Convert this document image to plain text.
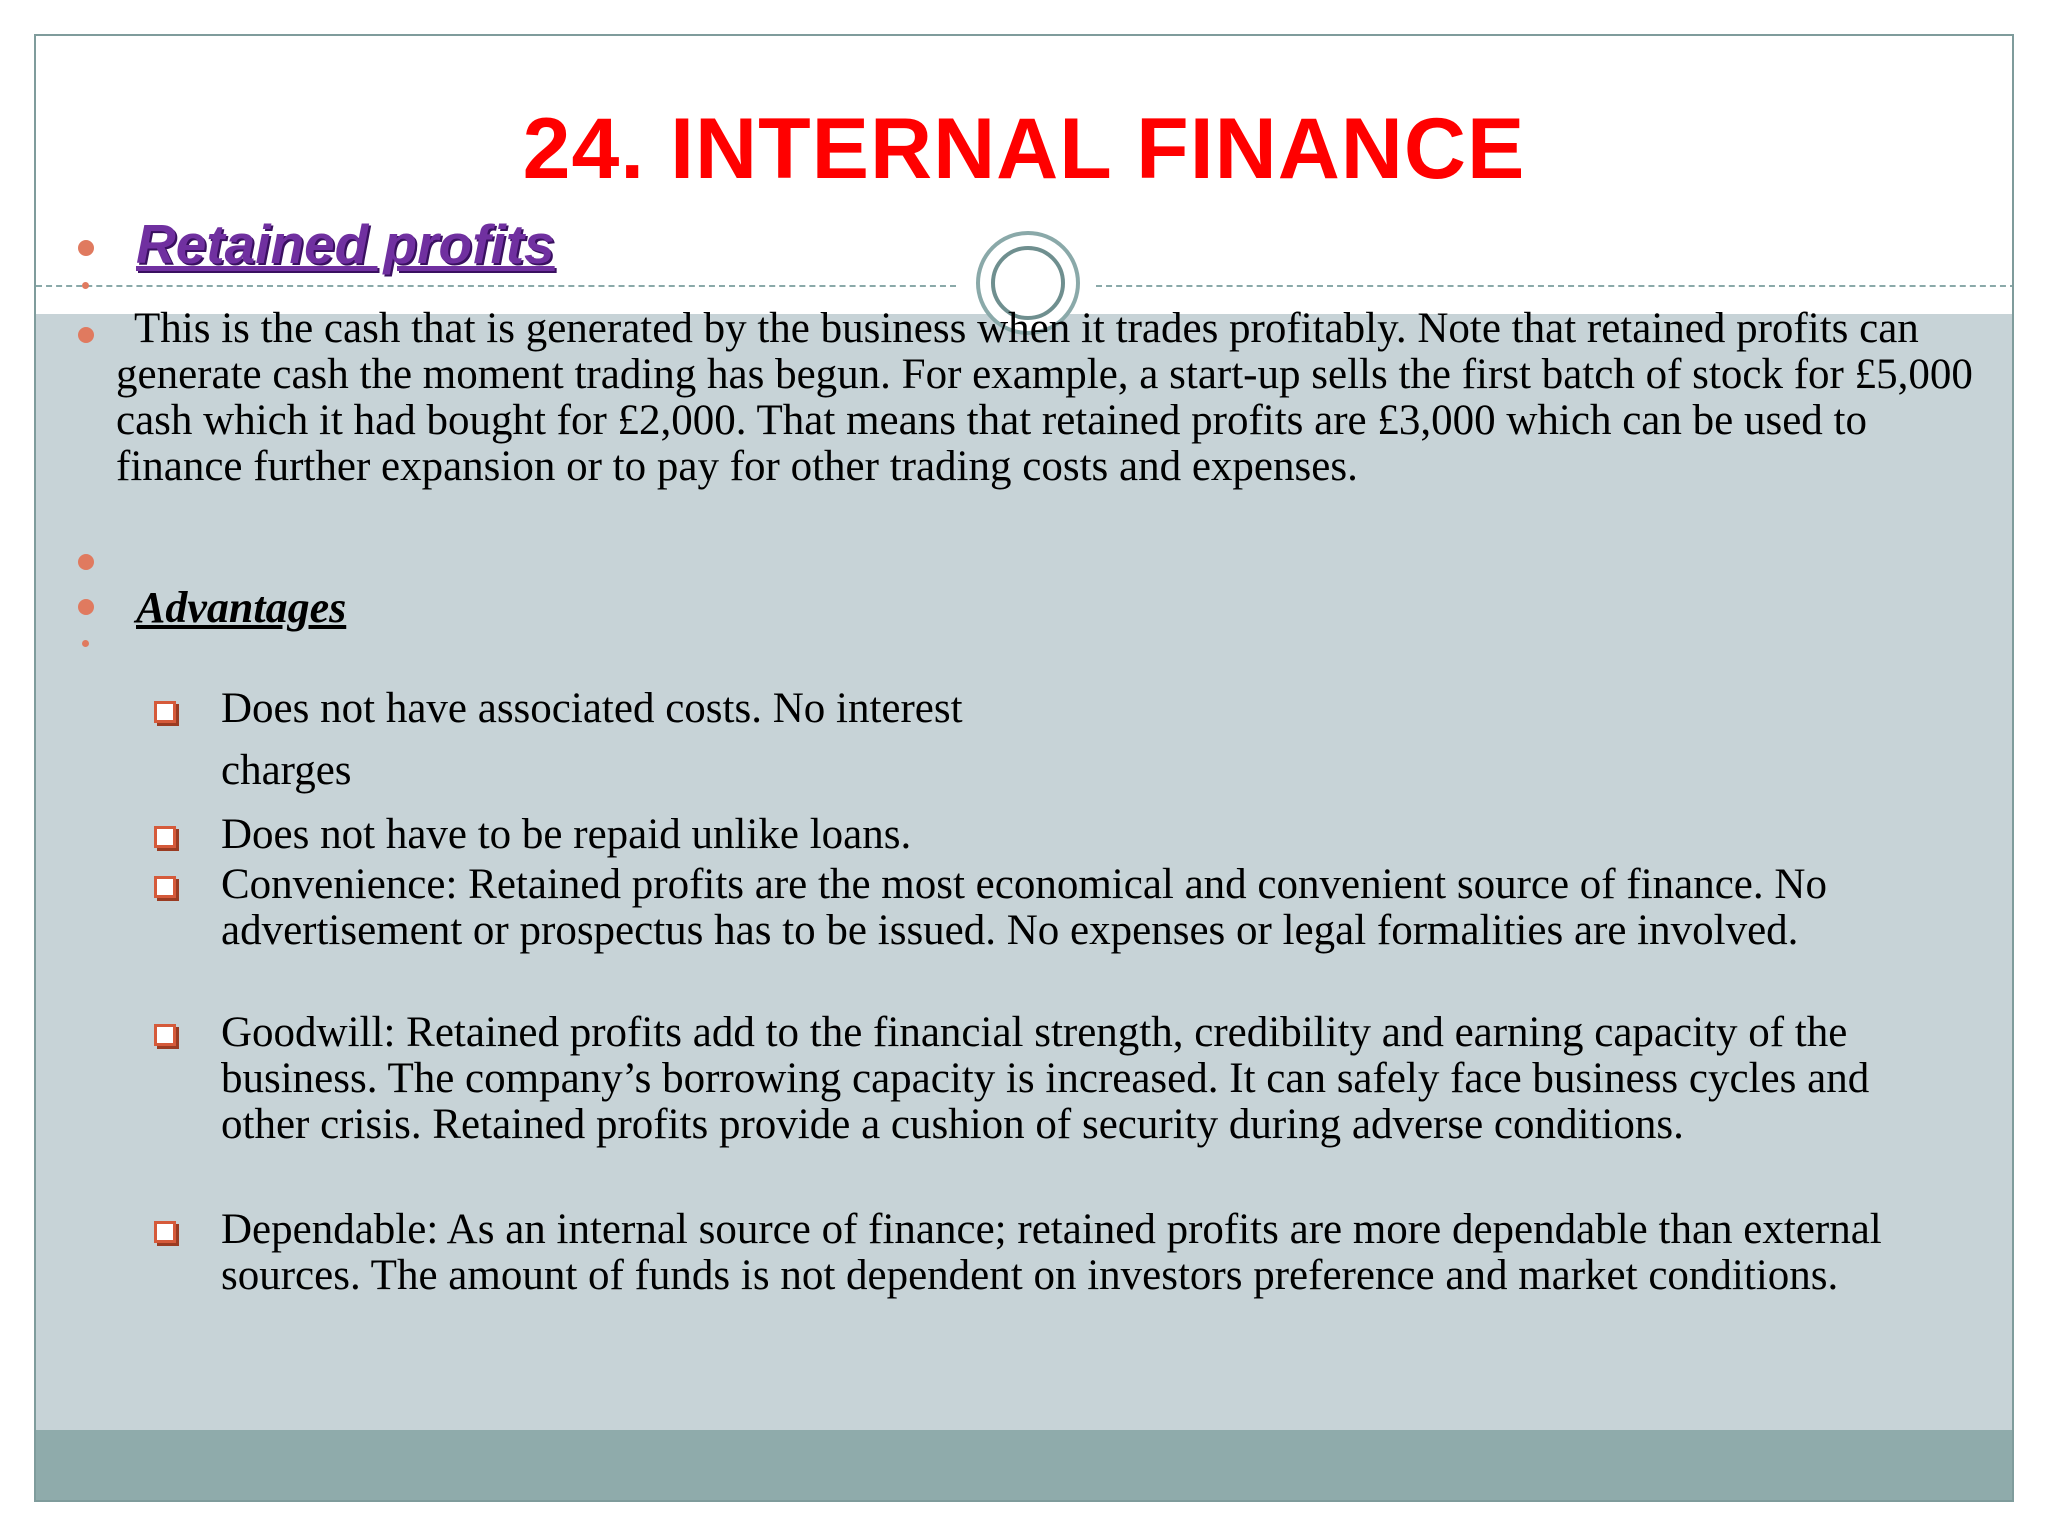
24. INTERNAL FINANCE
Retained profits
This is the cash that is generated by the business when it trades profitably. Note that retained profits can generate cash the moment trading has begun. For example, a start-up sells the first batch of stock for £5,000 cash which it had bought for £2,000. That means that retained profits are £3,000 which can be used to finance further expansion or to pay for other trading costs and expenses.
Advantages
Does not have associated costs. No interest
charges
Does not have to be repaid unlike loans.
Convenience: Retained profits are the most economical and convenient source of finance. No advertisement or prospectus has to be issued. No expenses or legal formalities are involved.
Goodwill: Retained profits add to the financial strength, credibility and earning capacity of the business. The company’s borrowing capacity is increased. It can safely face business cycles and other crisis. Retained profits provide a cushion of security during adverse conditions.
Dependable: As an internal source of finance; retained profits are more dependable than external sources. The amount of funds is not dependent on investors preference and market conditions.
